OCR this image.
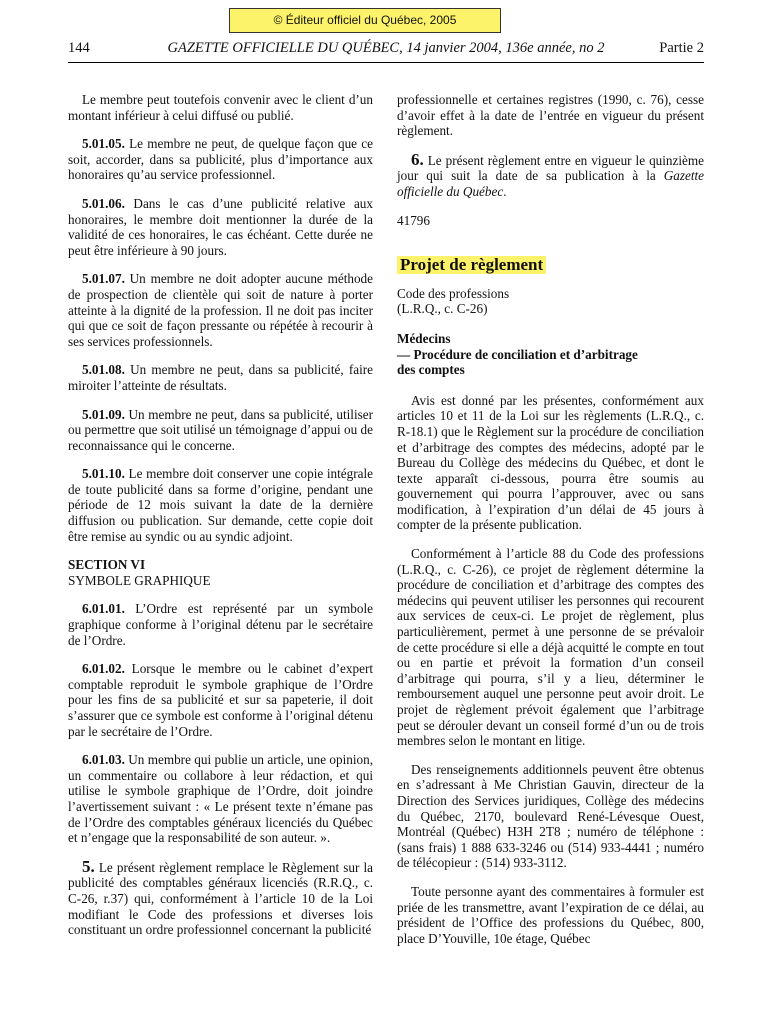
© Éditeur officiel du Québec, 2005
144	GAZETTE OFFICIELLE DU QUÉBEC, 14 janvier 2004, 136e année, no 2	Partie 2

Le membre peut toutefois convenir avec le client d’un montant inférieur à celui diffusé ou publié.

5.01.05. Le membre ne peut, de quelque façon que ce soit, accorder, dans sa publicité, plus d’importance aux honoraires qu’au service professionnel.

5.01.06. Dans le cas d’une publicité relative aux honoraires, le membre doit mentionner la durée de la validité de ces honoraires, le cas échéant. Cette durée ne peut être inférieure à 90 jours.

5.01.07. Un membre ne doit adopter aucune méthode de prospection de clientèle qui soit de nature à porter atteinte à la dignité de la profession. Il ne doit pas inciter qui que ce soit de façon pressante ou répétée à recourir à ses services professionnels.

5.01.08. Un membre ne peut, dans sa publicité, faire miroiter l’atteinte de résultats.

5.01.09. Un membre ne peut, dans sa publicité, utiliser ou permettre que soit utilisé un témoignage d’appui ou de reconnaissance qui le concerne.

5.01.10. Le membre doit conserver une copie intégrale de toute publicité dans sa forme d’origine, pendant une période de 12 mois suivant la date de la dernière diffusion ou publication. Sur demande, cette copie doit être remise au syndic ou au syndic adjoint.

SECTION VI
SYMBOLE GRAPHIQUE

6.01.01. L’Ordre est représenté par un symbole graphique conforme à l’original détenu par le secrétaire de l’Ordre.

6.01.02. Lorsque le membre ou le cabinet d’expert comptable reproduit le symbole graphique de l’Ordre pour les fins de sa publicité et sur sa papeterie, il doit s’assurer que ce symbole est conforme à l’original détenu par le secrétaire de l’Ordre.

6.01.03. Un membre qui publie un article, une opinion, un commentaire ou collabore à leur rédaction, et qui utilise le symbole graphique de l’Ordre, doit joindre l’avertissement suivant : « Le présent texte n’émane pas de l’Ordre des comptables généraux licenciés du Québec et n’engage que la responsabilité de son auteur. ».

5. Le présent règlement remplace le Règlement sur la publicité des comptables généraux licenciés (R.R.Q., c. C-26, r.37) qui, conformément à l’article 10 de la Loi modifiant le Code des professions et diverses lois constituant un ordre professionnel concernant la publicité

professionnelle et certaines registres (1990, c. 76), cesse d’avoir effet à la date de l’entrée en vigueur du présent règlement.

6. Le présent règlement entre en vigueur le quinzième jour qui suit la date de sa publication à la Gazette officielle du Québec.

41796
Projet de règlement
Code des professions
(L.R.Q., c. C-26)
Médecins
— Procédure de conciliation et d’arbitrage
des comptes

Avis est donné par les présentes, conformément aux articles 10 et 11 de la Loi sur les règlements (L.R.Q., c. R-18.1) que le Règlement sur la procédure de conciliation et d’arbitrage des comptes des médecins, adopté par le Bureau du Collège des médecins du Québec, et dont le texte apparaît ci-dessous, pourra être soumis au gouvernement qui pourra l’approuver, avec ou sans modification, à l’expiration d’un délai de 45 jours à compter de la présente publication.

Conformément à l’article 88 du Code des professions (L.R.Q., c. C-26), ce projet de règlement détermine la procédure de conciliation et d’arbitrage des comptes des médecins qui peuvent utiliser les personnes qui recourent aux services de ceux-ci. Le projet de règlement, plus particulièrement, permet à une personne de se prévaloir de cette procédure si elle a déjà acquitté le compte en tout ou en partie et prévoit la formation d’un conseil d’arbitrage qui pourra, s’il y a lieu, déterminer le remboursement auquel une personne peut avoir droit. Le projet de règlement prévoit également que l’arbitrage peut se dérouler devant un conseil formé d’un ou de trois membres selon le montant en litige.

Des renseignements additionnels peuvent être obtenus en s’adressant à Me Christian Gauvin, directeur de la Direction des Services juridiques, Collège des médecins du Québec, 2170, boulevard René-Lévesque Ouest, Montréal (Québec) H3H 2T8 ; numéro de téléphone : (sans frais) 1 888 633-3246 ou (514) 933-4441 ; numéro de télécopieur : (514) 933-3112.

Toute personne ayant des commentaires à formuler est priée de les transmettre, avant l’expiration de ce délai, au président de l’Office des professions du Québec, 800, place D’Youville, 10e étage, Québec
